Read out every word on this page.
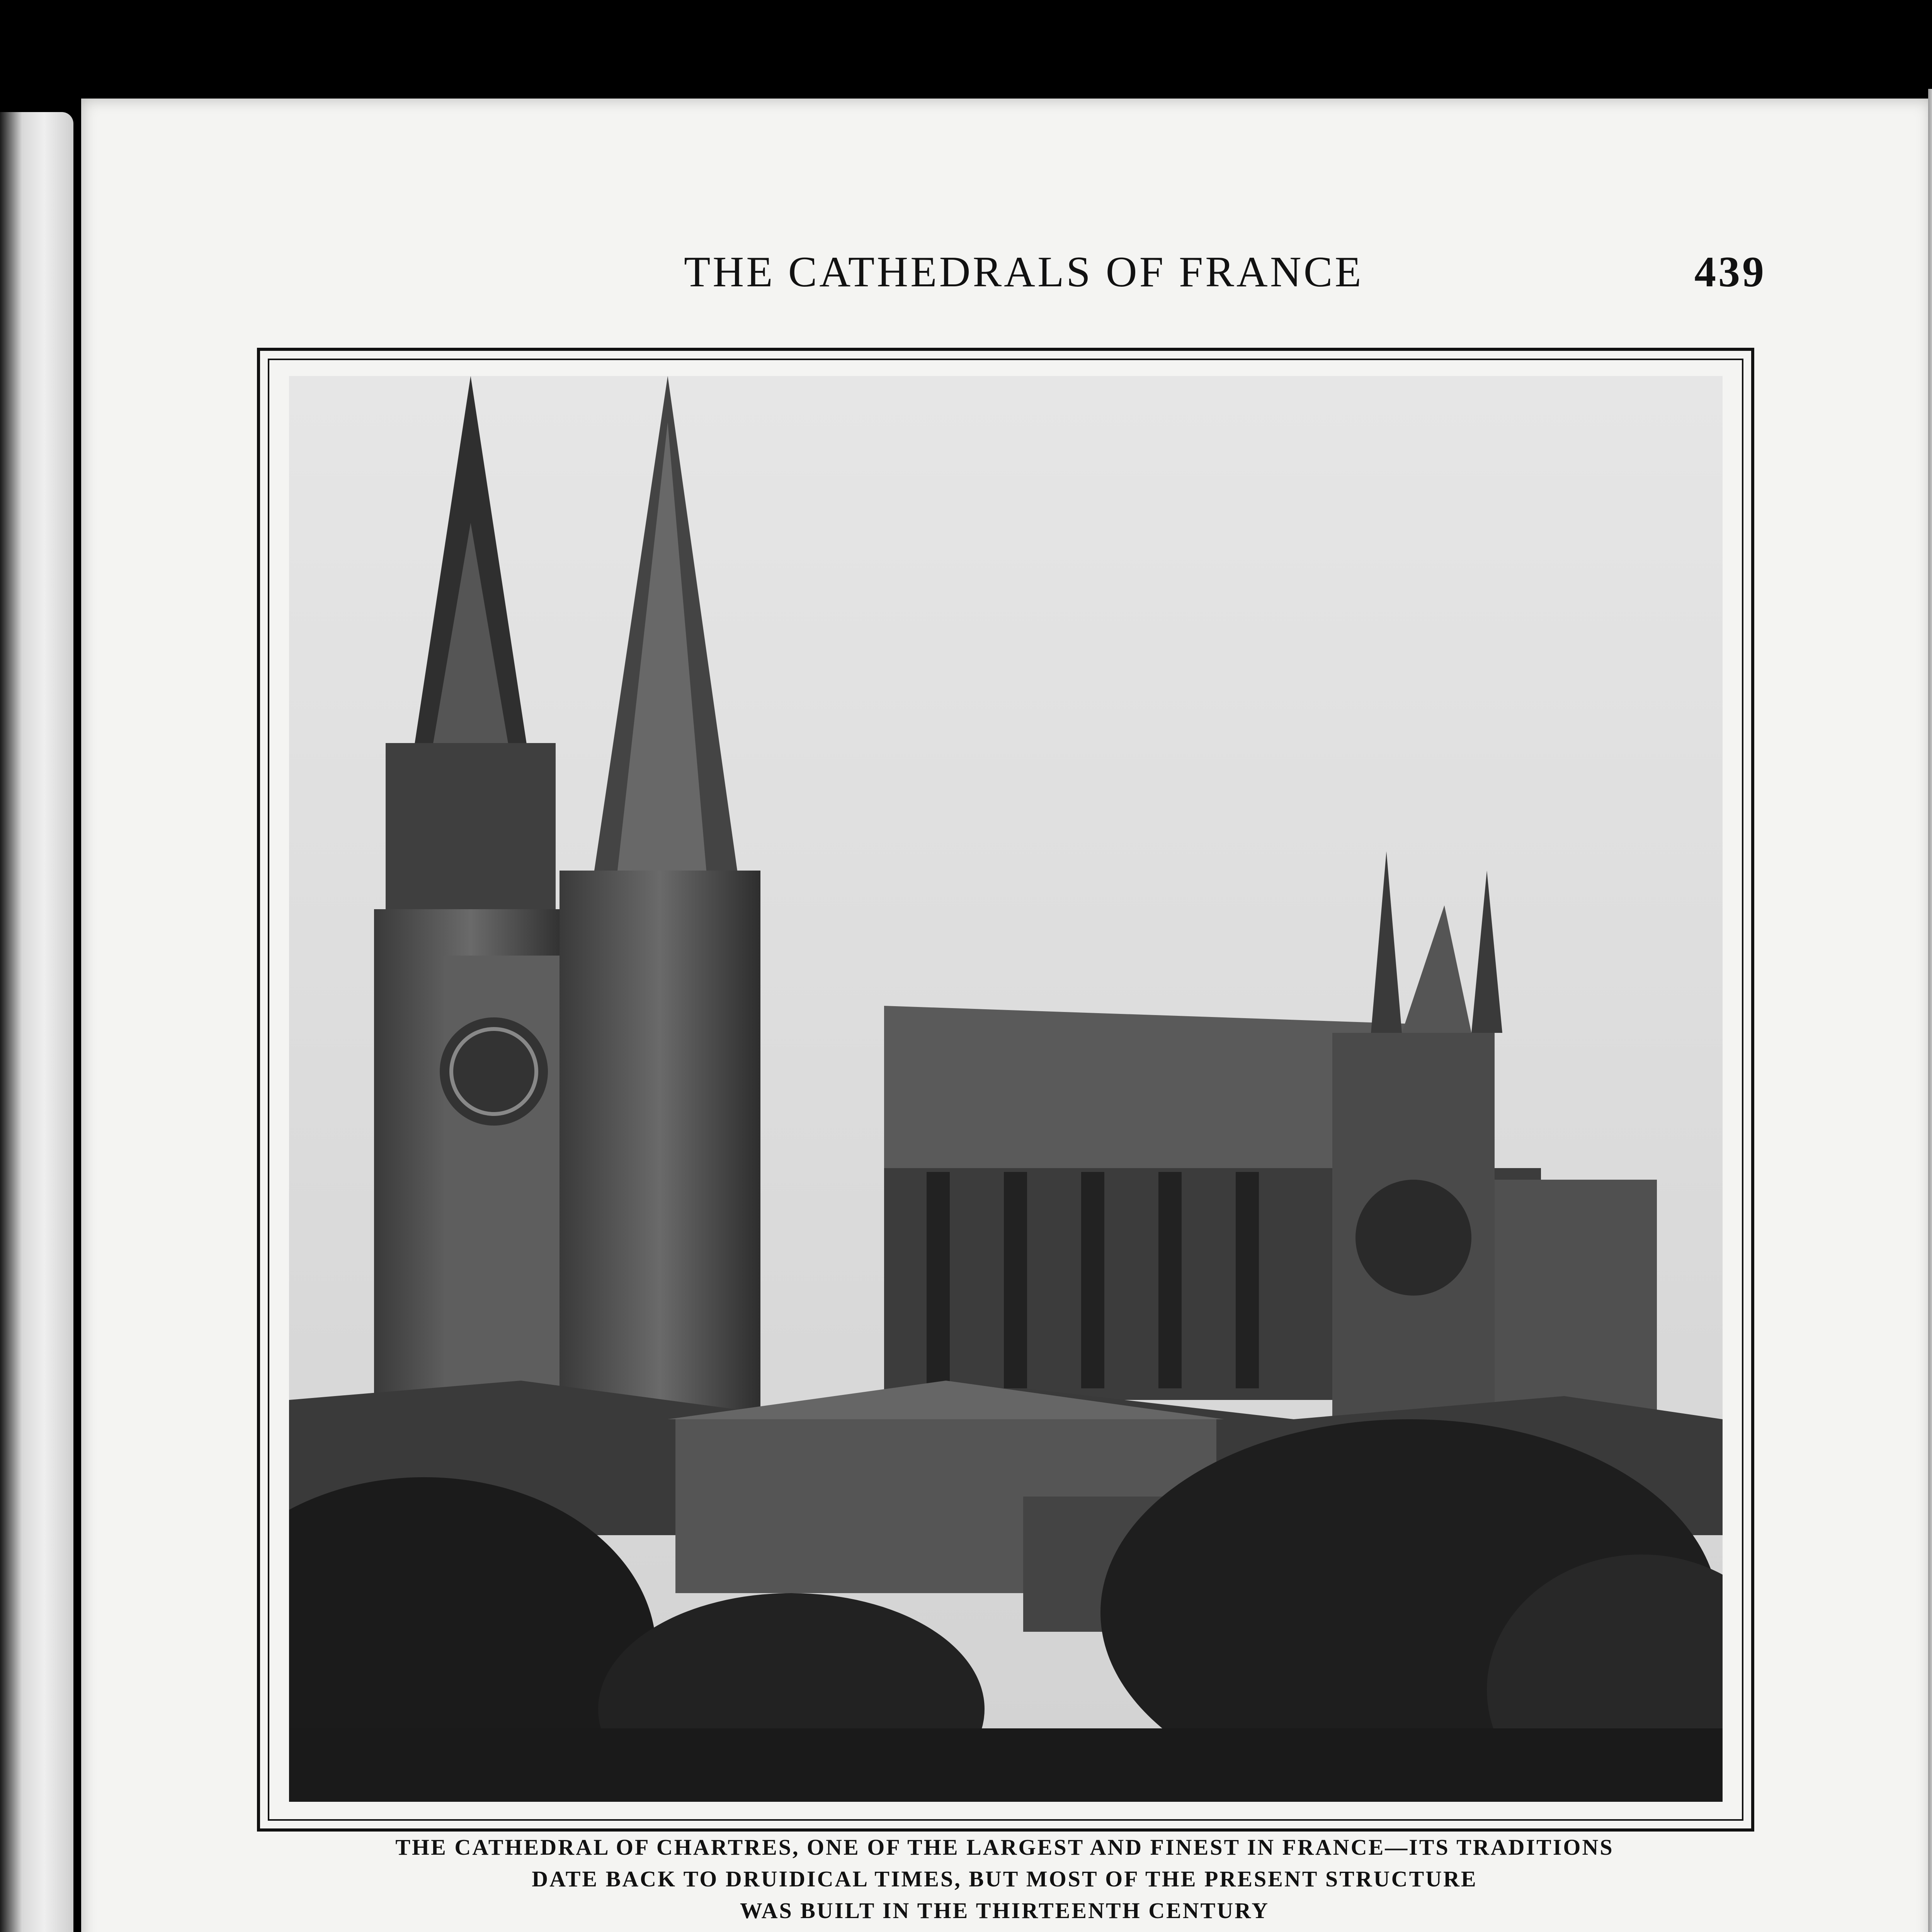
THE CATHEDRALS OF FRANCE	439
THE CATHEDRAL OF CHARTRES, ONE OF THE LARGEST AND FINEST IN FRANCE—ITS TRADITIONS
DATE BACK TO DRUIDICAL TIMES, BUT MOST OF THE PRESENT STRUCTURE
WAS BUILT IN THE THIRTEENTH CENTURY
